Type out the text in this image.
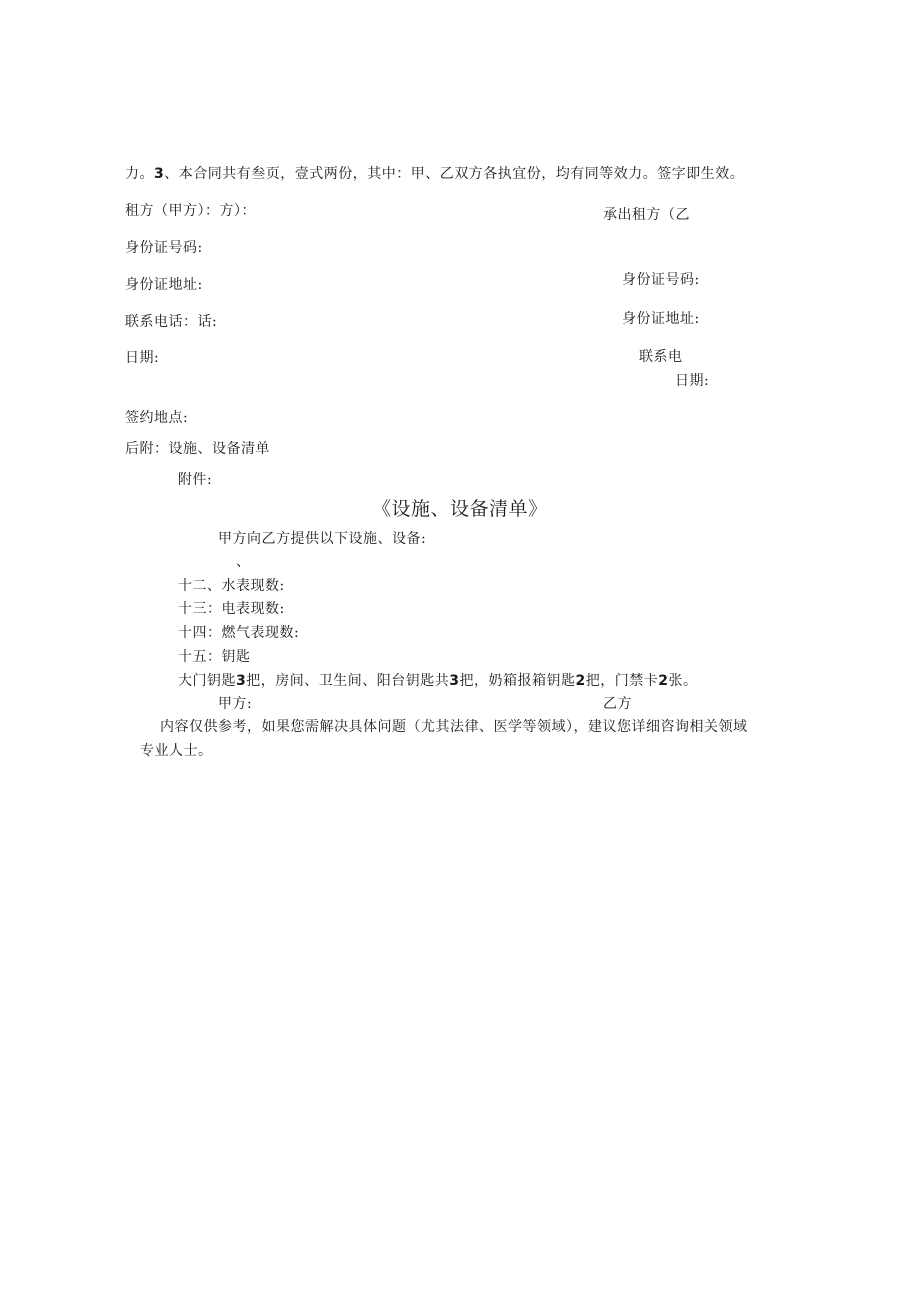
力。3、本合同共有叁页，壹式两份，其中：甲、乙双方各执宜份，均有同等效力。签字即生效。
租方（甲方）：方）：	承出租方（乙
身份证号码:
身份证号码:
身份证地址:
身份证地址:
联系电话：话:
联系电
日期:
日期:
签约地点:
后附：设施、设备清单
附件:
《设施、设备清单》
甲方向乙方提供以下设施、设备:
、
十二、水表现数:
十三：电表现数:
十四：燃气表现数:
十五：钥匙
大门钥匙3把，房间、卫生间、阳台钥匙共3把，奶箱报箱钥匙2把，门禁卡2张。
甲方:	乙方
内容仅供参考，如果您需解决具体问题（尤其法律、医学等领域），建议您详细咨询相关领域
专业人士。
